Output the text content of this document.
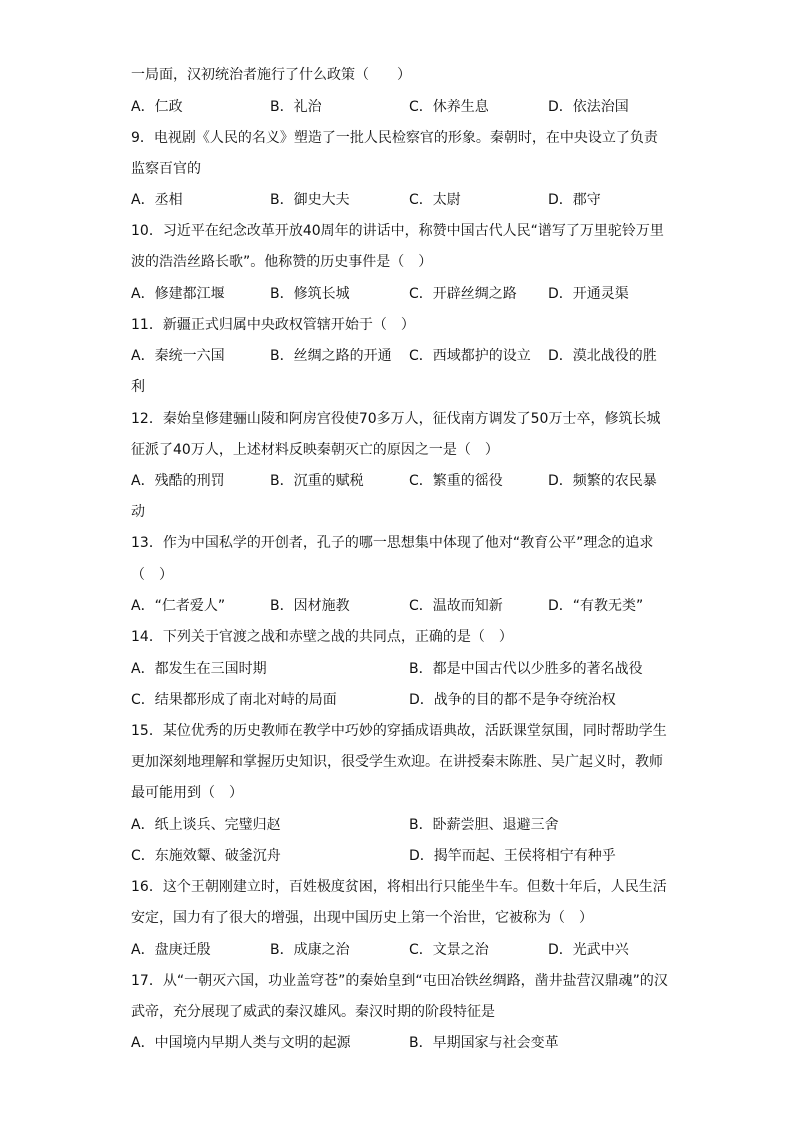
一局面，汉初统治者施行了什么政策（　　）
A．仁政	B．礼治	C．休养生息	D．依法治国
9．电视剧《人民的名义》塑造了一批人民检察官的形象。秦朝时，在中央设立了负责
监察百官的
A．丞相	B．御史大夫	C．太尉	D．郡守
10．习近平在纪念改革开放40周年的讲话中，称赞中国古代人民“谱写了万里驼铃万里
波的浩浩丝路长歌”。他称赞的历史事件是（　）
A．修建都江堰	B．修筑长城	C．开辟丝绸之路 D．开通灵渠
11．新疆正式归属中央政权管辖开始于（　）
A．秦统一六国	B．丝绸之路的开通 C．西域都护的设立 D．漠北战役的胜
利
12．秦始皇修建骊山陵和阿房宫役使70多万人，征伐南方调发了50万士卒，修筑长城
征派了40万人，上述材料反映秦朝灭亡的原因之一是（　）
A．残酷的刑罚	B．沉重的赋税	C．繁重的徭役	D．频繁的农民暴
动
13．作为中国私学的开创者，孔子的哪一思想集中体现了他对“教育公平”理念的追求
（　）
A．“仁者爱人”	B．因材施教	C．温故而知新	D．“有教无类”
14．下列关于官渡之战和赤壁之战的共同点，正确的是（　）
A．都发生在三国时期	B．都是中国古代以少胜多的著名战役
C．结果都形成了南北对峙的局面	D．战争的目的都不是争夺统治权
15．某位优秀的历史教师在教学中巧妙的穿插成语典故，活跃课堂氛围，同时帮助学生
更加深刻地理解和掌握历史知识，很受学生欢迎。在讲授秦末陈胜、吴广起义时，教师
最可能用到（　）
A．纸上谈兵、完璧归赵	B．卧薪尝胆、退避三舍
C．东施效颦、破釜沉舟	D．揭竿而起、王侯将相宁有种乎
16．这个王朝刚建立时，百姓极度贫困，将相出行只能坐牛车。但数十年后，人民生活
安定，国力有了很大的增强，出现中国历史上第一个治世，它被称为（　）
A．盘庚迁殷	B．成康之治	C．文景之治	D．光武中兴
17．从“一朝灭六国，功业盖穹苍”的秦始皇到“屯田冶铁丝绸路，凿井盐营汉鼎魂”的汉
武帝，充分展现了威武的秦汉雄风。秦汉时期的阶段特征是
A．中国境内早期人类与文明的起源	B．早期国家与社会变革
